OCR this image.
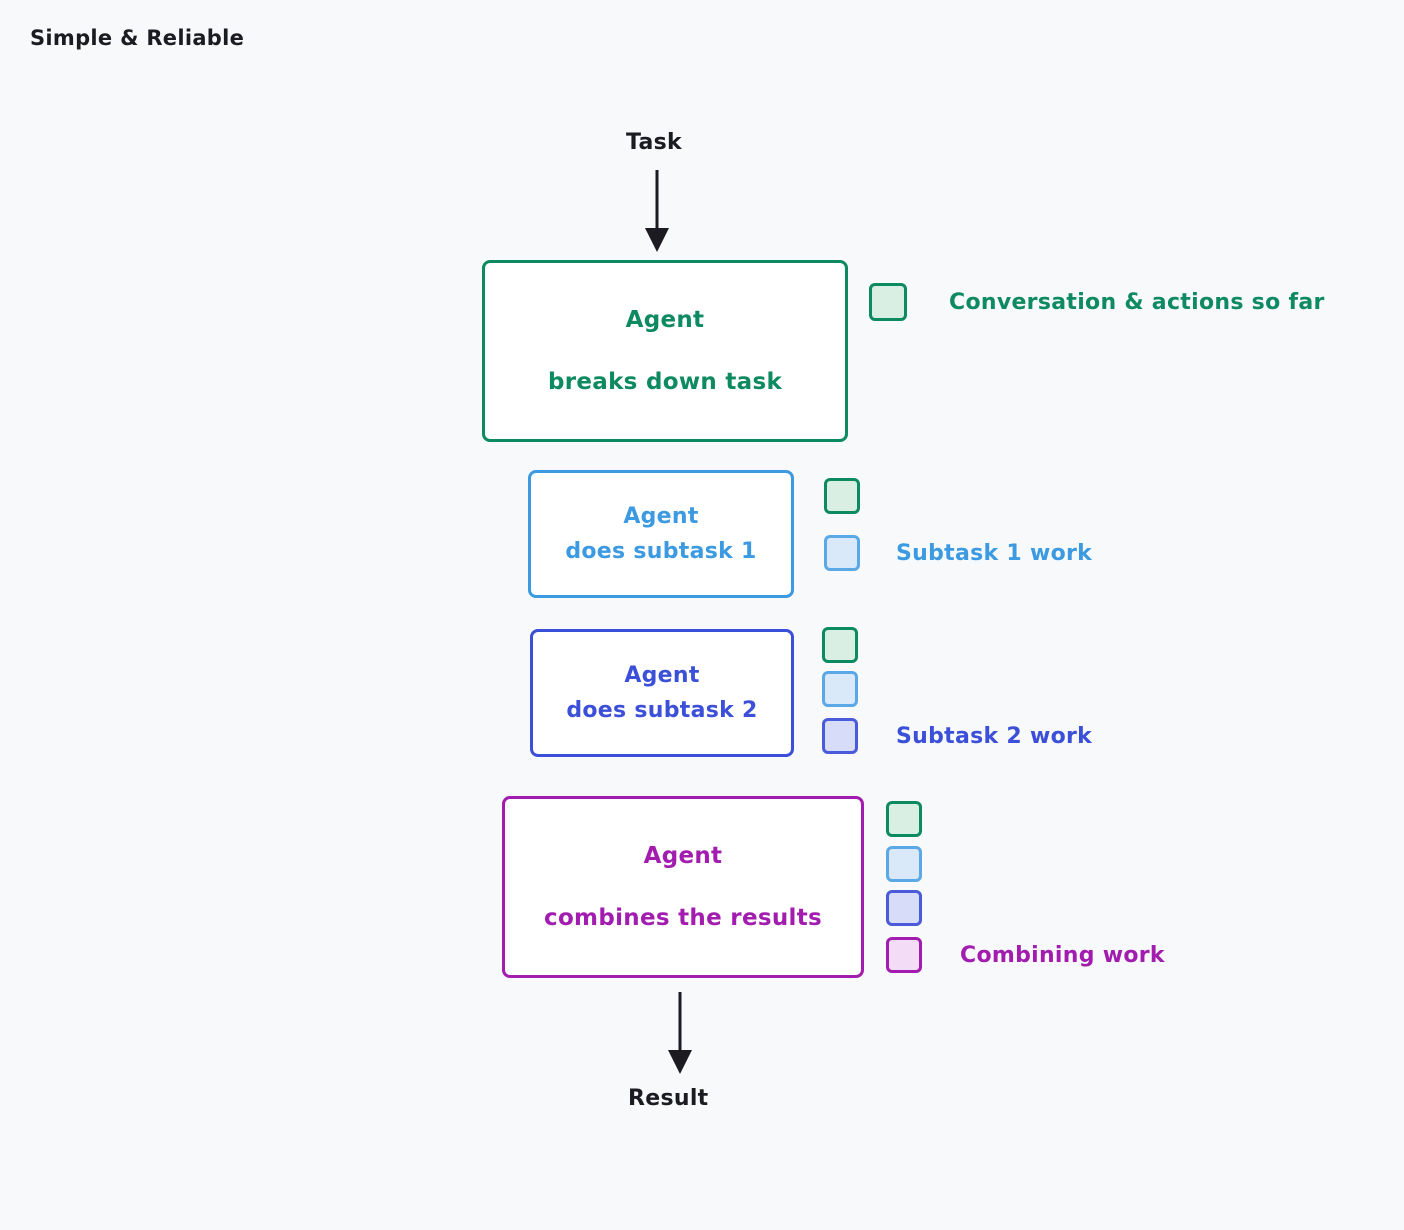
Simple & Reliable
Task
Agent
breaks down task
Conversation & actions so far
Agent
does subtask 1	Subtask 1 work
Agent
does subtask 2
Subtask 2 work
Agent
combines the results
Combining work
Result
